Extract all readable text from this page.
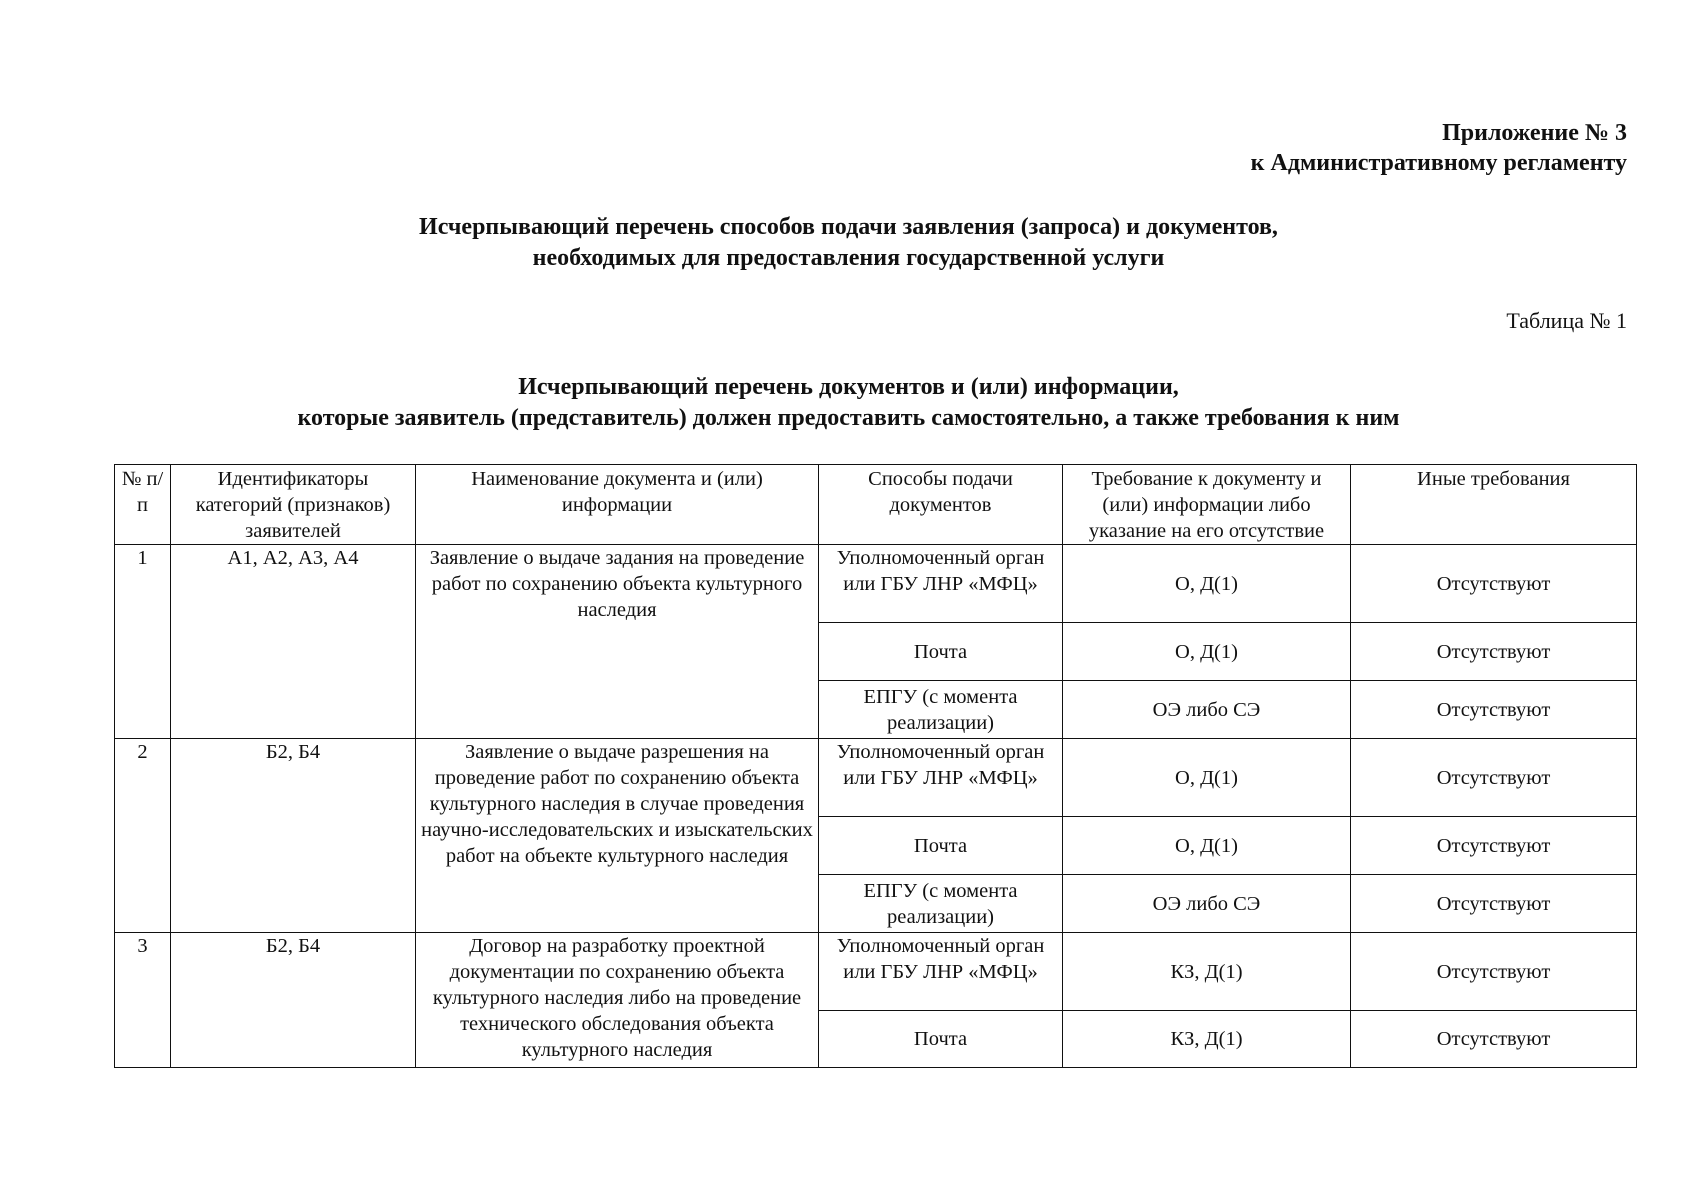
Приложение № 3
к Административному регламенту
Исчерпывающий перечень способов подачи заявления (запроса) и документов,
необходимых для предоставления государственной услуги
Таблица № 1
Исчерпывающий перечень документов и (или) информации,
которые заявитель (представитель) должен предоставить самостоятельно, а также требования к ним
№ п/п	Идентификаторы категорий (признаков) заявителей	Наименование документа и (или) информации	Способы подачи документов	Требование к документу и (или) информации либо указание на его отсутствие	Иные требования
1	А1, А2, А3, А4	Заявление о выдаче задания на проведение работ по сохранению объекта культурного наследия	Уполномоченный орган или ГБУ ЛНР «МФЦ»	О, Д(1)	Отсутствуют
			Почта	О, Д(1)	Отсутствуют
			ЕПГУ (с момента реализации)	ОЭ либо СЭ	Отсутствуют
2	Б2, Б4	Заявление о выдаче разрешения на проведение работ по сохранению объекта культурного наследия в случае проведения научно-исследовательских и изыскательских работ на объекте культурного наследия	Уполномоченный орган или ГБУ ЛНР «МФЦ»	О, Д(1)	Отсутствуют
			Почта	О, Д(1)	Отсутствуют
			ЕПГУ (с момента реализации)	ОЭ либо СЭ	Отсутствуют
3	Б2, Б4	Договор на разработку проектной документации по сохранению объекта культурного наследия либо на проведение технического обследования объекта культурного наследия	Уполномоченный орган или ГБУ ЛНР «МФЦ»	КЗ, Д(1)	Отсутствуют
			Почта	КЗ, Д(1)	Отсутствуют
